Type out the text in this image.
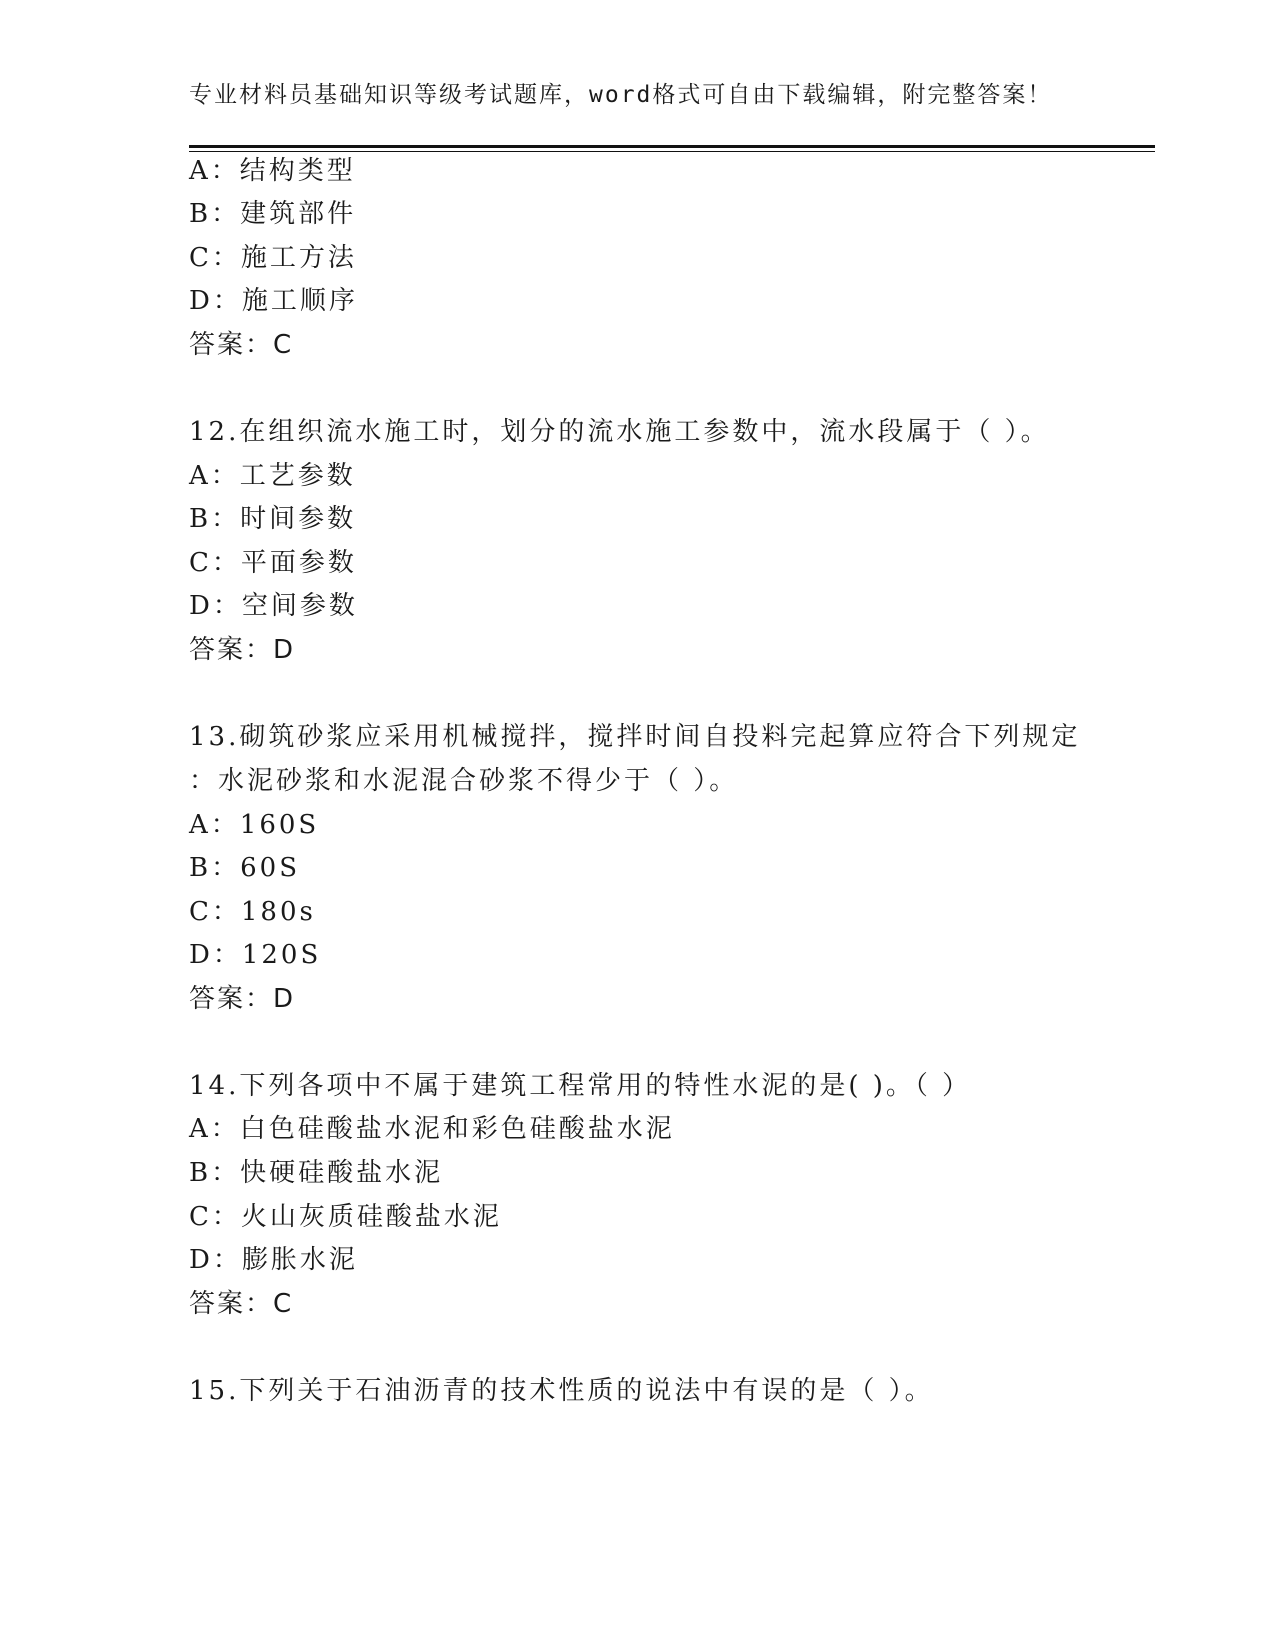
专业材料员基础知识等级考试题库，word格式可自由下载编辑，附完整答案！
A：结构类型
B：建筑部件
C：施工方法
D：施工顺序
答案：C
12.在组织流水施工时，划分的流水施工参数中，流水段属于（ ）。
A：工艺参数
B：时间参数
C：平面参数
D：空间参数
答案：D
13.砌筑砂浆应采用机械搅拌，搅拌时间自投料完起算应符合下列规定
：水泥砂浆和水泥混合砂浆不得少于（ ）。
A：160S
B：60S
C：180s
D：120S
答案：D
14.下列各项中不属于建筑工程常用的特性水泥的是( )。（ ）
A：白色硅酸盐水泥和彩色硅酸盐水泥
B：快硬硅酸盐水泥
C：火山灰质硅酸盐水泥
D：膨胀水泥
答案：C
15.下列关于石油沥青的技术性质的说法中有误的是（ ）。
